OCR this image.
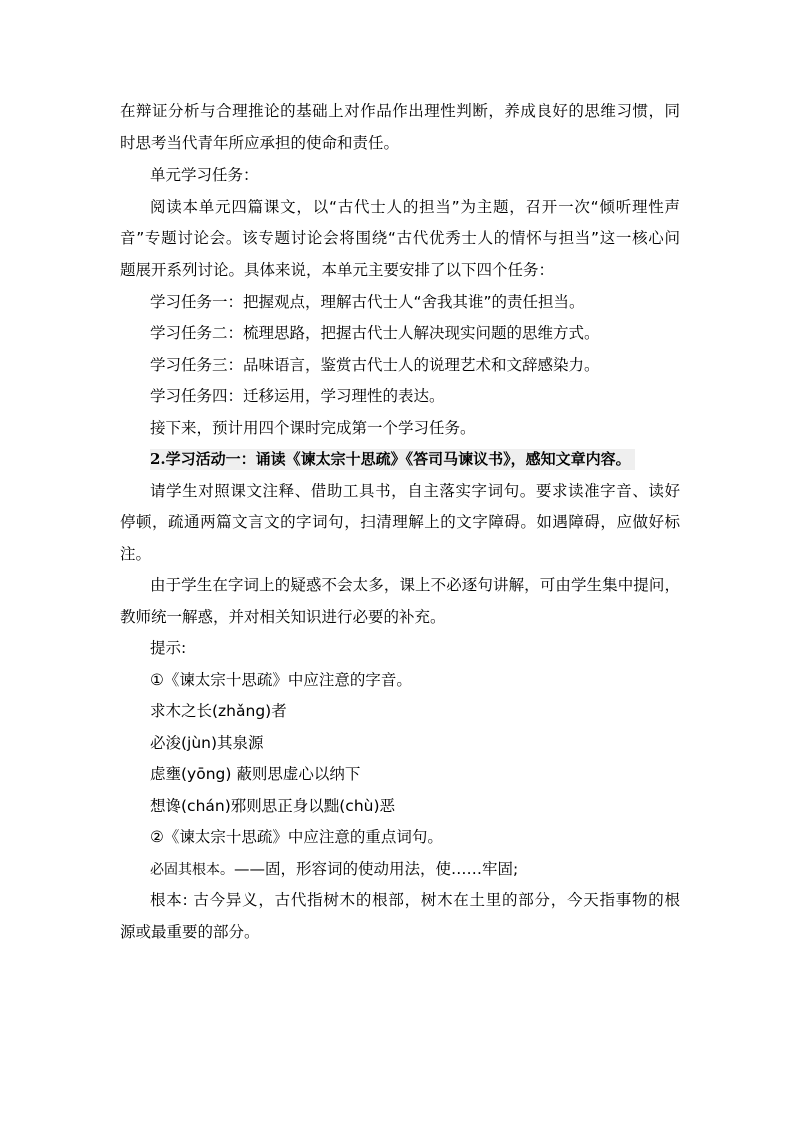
在辩证分析与合理推论的基础上对作品作出理性判断，养成良好的思维习惯，同
时思考当代青年所应承担的使命和责任。
单元学习任务：
阅读本单元四篇课文，以“古代士人的担当”为主题，召开一次“倾听理性声
音”专题讨论会。该专题讨论会将围绕“古代优秀士人的情怀与担当”这一核心问
题展开系列讨论。具体来说，本单元主要安排了以下四个任务：
学习任务一：把握观点，理解古代士人“舍我其谁”的责任担当。
学习任务二：梳理思路，把握古代士人解决现实问题的思维方式。
学习任务三：品味语言，鉴赏古代士人的说理艺术和文辞感染力。
学习任务四：迁移运用，学习理性的表达。
接下来，预计用四个课时完成第一个学习任务。
2.学习活动一：诵读《谏太宗十思疏》《答司马谏议书》，感知文章内容。
请学生对照课文注释、借助工具书，自主落实字词句。要求读准字音、读好
停顿，疏通两篇文言文的字词句，扫清理解上的文字障碍。如遇障碍，应做好标
注。
由于学生在字词上的疑惑不会太多，课上不必逐句讲解，可由学生集中提问，
教师统一解惑，并对相关知识进行必要的补充。
提示:
①《谏太宗十思疏》中应注意的字音。
求木之长(zhǎng)者
必浚(jùn)其泉源
虑壅(yōng) 蔽则思虚心以纳下
想谗(chán)邪则思正身以黜(chù)恶
②《谏太宗十思疏》中应注意的重点词句。
必固其根本。——固，形容词的使动用法，使……牢固;
根本: 古今异义，古代指树木的根部，树木在土里的部分，今天指事物的根
源或最重要的部分。
